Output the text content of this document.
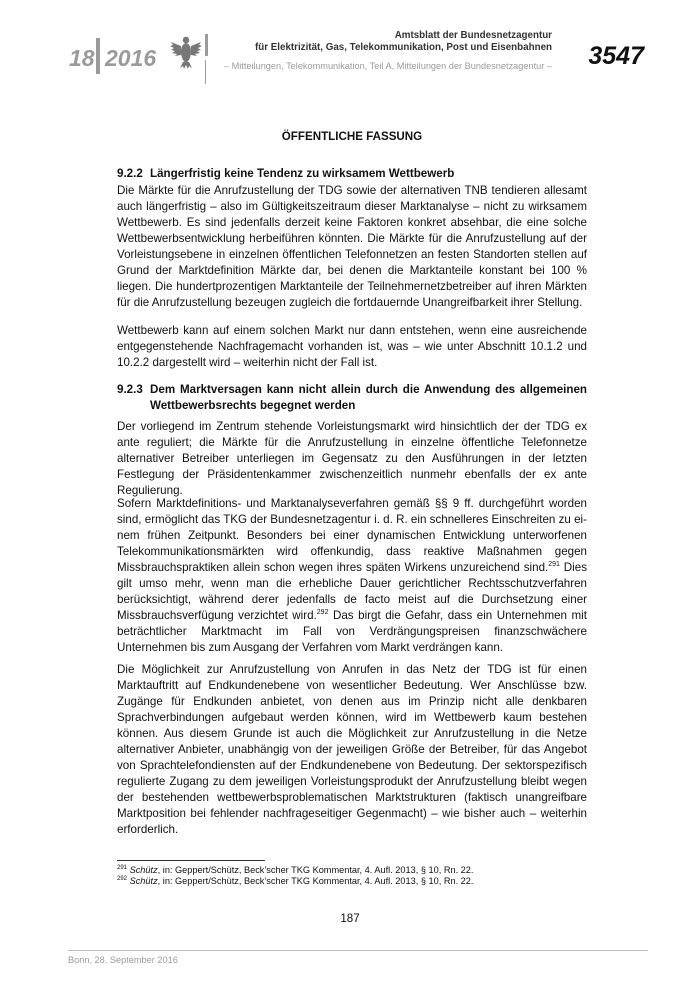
18 2016
Amtsblatt der Bundesnetzagentur
für Elektrizität, Gas, Telekommunikation, Post und Eisenbahnen
– Mitteilungen, Telekommunikation, Teil A, Mitteilungen der Bundesnetzagentur – 3547
ÖFFENTLICHE FASSUNG
9.2.2 Längerfristig keine Tendenz zu wirksamem Wettbewerb

Die Märkte für die Anrufzustellung der TDG sowie der alternativen TNB tendieren allesamt auch längerfristig – also im Gültigkeitszeitraum dieser Marktanalyse – nicht zu wirksamem Wettbewerb. Es sind jedenfalls derzeit keine Faktoren konkret absehbar, die eine solche Wettbewerbsentwicklung herbeiführen könnten. Die Märkte für die Anrufzustellung auf der Vorleistungsebene in einzelnen öffentlichen Telefonnetzen an festen Standorten stellen auf Grund der Marktdefinition Märkte dar, bei denen die Marktanteile konstant bei 100 % liegen. Die hundertprozentigen Marktanteile der Teilnehmernetzbetreiber auf ihren Märkten für die Anrufzustellung bezeugen zugleich die fortdauernde Unangreifbarkeit ihrer Stellung.

Wettbewerb kann auf einem solchen Markt nur dann entstehen, wenn eine ausreichende entgegenstehende Nachfragemacht vorhanden ist, was – wie unter Abschnitt 10.1.2 und 10.2.2 dargestellt wird – weiterhin nicht der Fall ist.

9.2.3 Dem Marktversagen kann nicht allein durch die Anwendung des allgemeinen Wettbewerbsrechts begegnet werden

Der vorliegend im Zentrum stehende Vorleistungsmarkt wird hinsichtlich der der TDG ex ante reguliert; die Märkte für die Anrufzustellung in einzelne öffentliche Telefonnetze alternativer Betreiber unterliegen im Gegensatz zu den Ausführungen in der letzten Festlegung der Präsidentenkammer zwischenzeitlich nunmehr ebenfalls der ex ante Regulierung.

Sofern Marktdefinitions- und Marktanalyseverfahren gemäß §§ 9 ff. durchgeführt worden sind, ermöglicht das TKG der Bundesnetzagentur i. d. R. ein schnelleres Einschreiten zu einem frühen Zeitpunkt. Besonders bei einer dynamischen Entwicklung unterworfenen Telekommunikationsmärkten wird offenkundig, dass reaktive Maßnahmen gegen Missbrauchspraktiken allein schon wegen ihres späten Wirkens unzureichend sind.$^{291}$ Dies gilt umso mehr, wenn man die erhebliche Dauer gerichtlicher Rechtsschutzverfahren berücksichtigt, während derer jedenfalls de facto meist auf die Durchsetzung einer Missbrauchsverfügung verzichtet wird.$^{292}$ Das birgt die Gefahr, dass ein Unternehmen mit beträchtlicher Marktmacht im Fall von Verdrängungspreisen finanzschwächere Unternehmen bis zum Ausgang der Verfahren vom Markt verdrängen kann.

Die Möglichkeit zur Anrufzustellung von Anrufen in das Netz der TDG ist für einen Marktauftritt auf Endkundenebene von wesentlicher Bedeutung. Wer Anschlüsse bzw. Zugänge für Endkunden anbietet, von denen aus im Prinzip nicht alle denkbaren Sprachverbindungen aufgebaut werden können, wird im Wettbewerb kaum bestehen können. Aus diesem Grunde ist auch die Möglichkeit zur Anrufzustellung in die Netze alternativer Anbieter, unabhängig von der jeweiligen Größe der Betreiber, für das Angebot von Sprachtelefondiensten auf der Endkundenebene von Bedeutung. Der sektorspezifisch regulierte Zugang zu dem jeweiligen Vorleistungsprodukt der Anrufzustellung bleibt wegen der bestehenden wettbewerbsproblematischen Marktstrukturen (faktisch unangreifbare Marktposition bei fehlender nachfrageseitiger Gegenmacht) – wie bisher auch – weiterhin erforderlich.

$^{291}$ Schütz, in: Geppert/Schütz, Beck’scher TKG Kommentar, 4. Aufl. 2013, § 10, Rn. 22.
$^{292}$ Schütz, in: Geppert/Schütz, Beck’scher TKG Kommentar, 4. Aufl. 2013, § 10, Rn. 22.
187
Bonn, 28. September 2016
